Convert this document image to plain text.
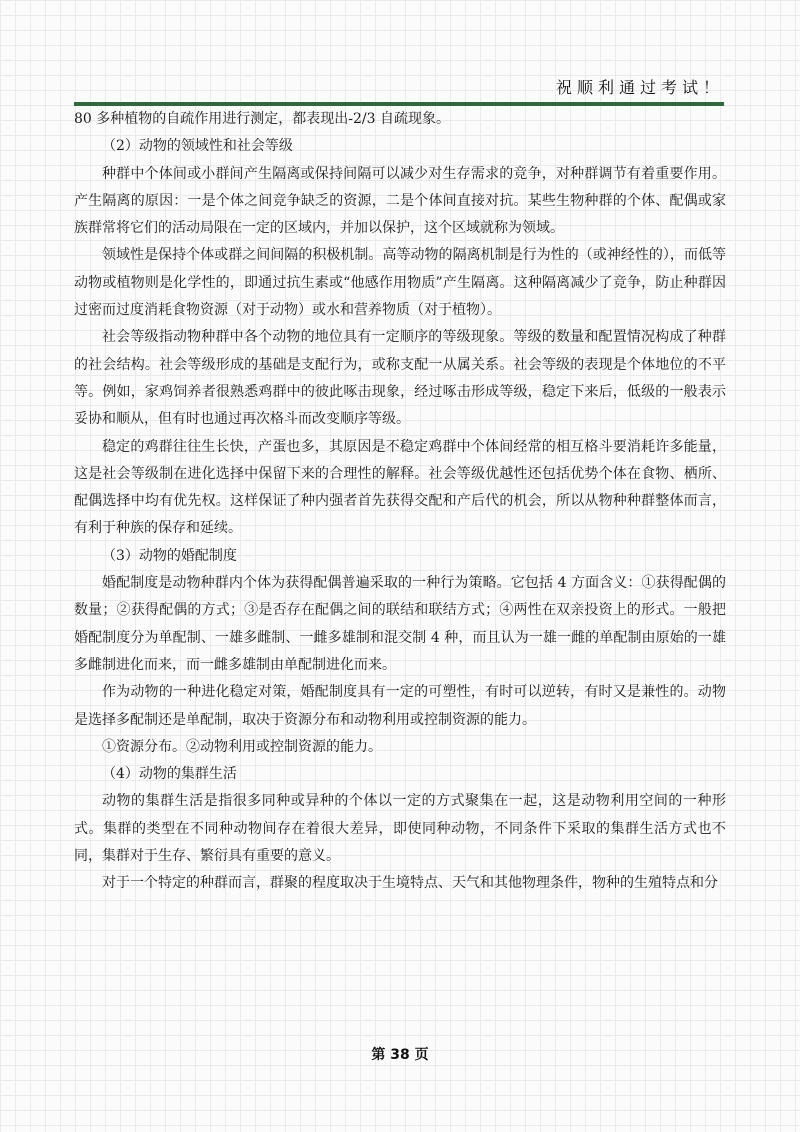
祝顺利通过考试！

80 多种植物的自疏作用进行测定，都表现出-2/3 自疏现象。

（2）动物的领域性和社会等级

种群中个体间或小群间产生隔离或保持间隔可以减少对生存需求的竞争，对种群调节有着重要作用。产生隔离的原因：一是个体之间竞争缺乏的资源，二是个体间直接对抗。某些生物种群的个体、配偶或家族群常将它们的活动局限在一定的区域内，并加以保护，这个区域就称为领域。

领域性是保持个体或群之间间隔的积极机制。高等动物的隔离机制是行为性的（或神经性的），而低等动物或植物则是化学性的，即通过抗生素或“他感作用物质”产生隔离。这种隔离减少了竞争，防止种群因过密而过度消耗食物资源（对于动物）或水和营养物质（对于植物）。

社会等级指动物种群中各个动物的地位具有一定顺序的等级现象。等级的数量和配置情况构成了种群的社会结构。社会等级形成的基础是支配行为，或称支配一从属关系。社会等级的表现是个体地位的不平等。例如，家鸡饲养者很熟悉鸡群中的彼此啄击现象，经过啄击形成等级，稳定下来后，低级的一般表示妥协和顺从，但有时也通过再次格斗而改变顺序等级。

稳定的鸡群往往生长快，产蛋也多，其原因是不稳定鸡群中个体间经常的相互格斗要消耗许多能量，这是社会等级制在进化选择中保留下来的合理性的解释。社会等级优越性还包括优势个体在食物、栖所、配偶选择中均有优先权。这样保证了种内强者首先获得交配和产后代的机会，所以从物种种群整体而言，有利于种族的保存和延续。

（3）动物的婚配制度

婚配制度是动物种群内个体为获得配偶普遍采取的一种行为策略。它包括 4 方面含义：①获得配偶的数量；②获得配偶的方式；③是否存在配偶之间的联结和联结方式；④两性在双亲投资上的形式。一般把婚配制度分为单配制、一雄多雌制、一雌多雄制和混交制 4 种，而且认为一雄一雌的单配制由原始的一雄多雌制进化而来，而一雌多雄制由单配制进化而来。

作为动物的一种进化稳定对策，婚配制度具有一定的可塑性，有时可以逆转，有时又是兼性的。动物是选择多配制还是单配制，取决于资源分布和动物利用或控制资源的能力。

①资源分布。②动物利用或控制资源的能力。

（4）动物的集群生活

动物的集群生活是指很多同种或异种的个体以一定的方式聚集在一起，这是动物利用空间的一种形式。集群的类型在不同种动物间存在着很大差异，即使同种动物，不同条件下采取的集群生活方式也不同，集群对于生存、繁衍具有重要的意义。

对于一个特定的种群而言，群聚的程度取决于生境特点、天气和其他物理条件，物种的生殖特点和分

第 38 页
